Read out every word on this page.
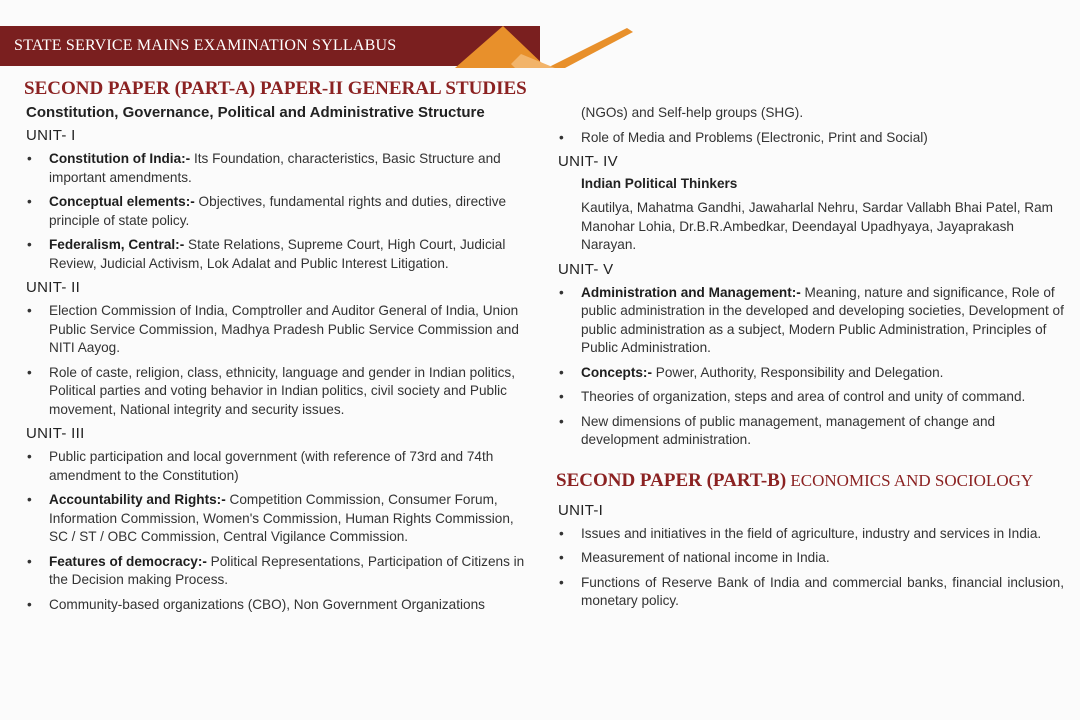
STATE SERVICE MAINS EXAMINATION SYLLABUS
SECOND PAPER (PART-A) PAPER-II GENERAL STUDIES
Constitution, Governance, Political and Administrative Structure
UNIT- I
• Constitution of India:- Its Foundation, characteristics, Basic Structure and important amendments.
• Conceptual elements:- Objectives, fundamental rights and duties, directive principle of state policy.
• Federalism, Central:- State Relations, Supreme Court, High Court, Judicial Review, Judicial Activism, Lok Adalat and Public Interest Litigation.
UNIT- II
• Election Commission of India, Comptroller and Auditor General of India, Union Public Service Commission, Madhya Pradesh Public Service Commission and NITI Aayog.
• Role of caste, religion, class, ethnicity, language and gender in Indian politics, Political parties and voting behavior in Indian politics, civil society and Public movement, National integrity and security issues.
UNIT- III
• Public participation and local government (with reference of 73rd and 74th amendment to the Constitution)
• Accountability and Rights:- Competition Commission, Consumer Forum, Information Commission, Women's Commission, Human Rights Commission, SC / ST / OBC Commission, Central Vigilance Commission.
• Features of democracy:- Political Representations, Participation of Citizens in the Decision making Process.
• Community-based organizations (CBO), Non Government Organizations
(NGOs) and Self-help groups (SHG).
• Role of Media and Problems (Electronic, Print and Social)
UNIT- IV
Indian Political Thinkers
Kautilya, Mahatma Gandhi, Jawaharlal Nehru, Sardar Vallabh Bhai Patel, Ram Manohar Lohia, Dr.B.R.Ambedkar, Deendayal Upadhyaya, Jayaprakash Narayan.
UNIT- V
• Administration and Management:- Meaning, nature and significance, Role of public administration in the developed and developing societies, Development of public administration as a subject, Modern Public Administration, Principles of Public Administration.
• Concepts:- Power, Authority, Responsibility and Delegation.
• Theories of organization, steps and area of control and unity of command.
• New dimensions of public management, management of change and development administration.
SECOND PAPER (PART-B) ECONOMICS AND SOCIOLOGY
UNIT-I
• Issues and initiatives in the field of agriculture, industry and services in India.
• Measurement of national income in India.
• Functions of Reserve Bank of India and commercial banks, financial inclusion, monetary policy.
